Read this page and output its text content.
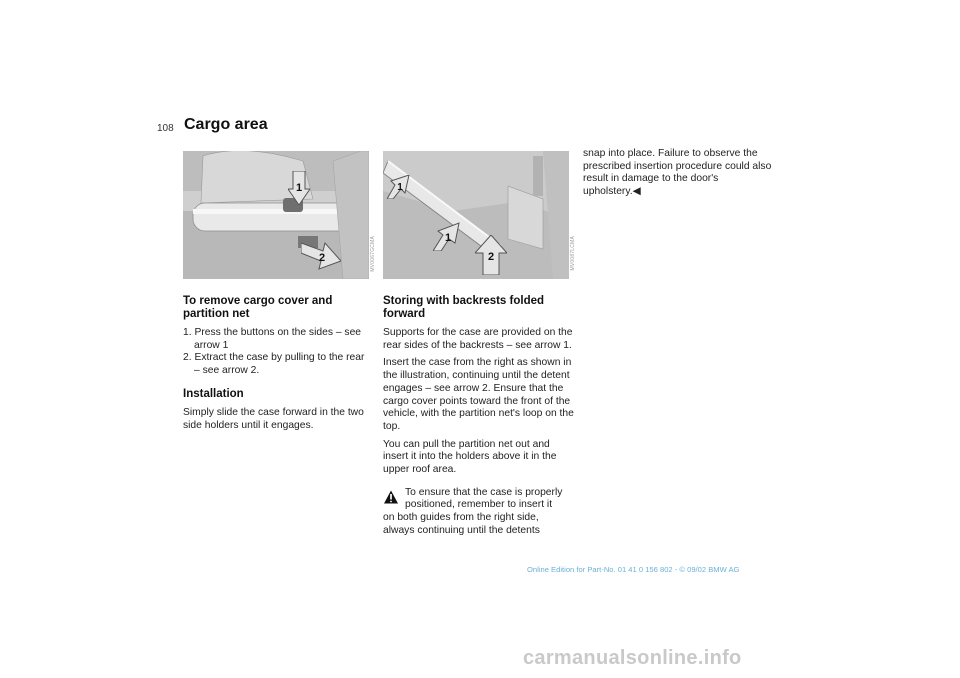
108 Cargo area
1
2	MV0067GCMA
1
1
2	MV0087LCMA
To remove cargo cover and partition net
1. Press the buttons on the sides – see arrow 1
2. Extract the case by pulling to the rear – see arrow 2.
Installation

Simply slide the case forward in the two side holders until it engages.

Storing with backrests folded forward

Supports for the case are provided on the rear sides of the backrests – see arrow 1.

Insert the case from the right as shown in the illustration, continuing until the detent engages – see arrow 2. Ensure that the cargo cover points toward the front of the vehicle, with the partition net's loop on the top.

You can pull the partition net out and insert it into the holders above it in the upper roof area.

To ensure that the case is properly
positioned, remember to insert it
on both guides from the right side,
always continuing until the detents

snap into place. Failure to observe the prescribed insertion procedure could also result in damage to the door's upholstery.◀

Online Edition for Part-No. 01 41 0 156 802 - © 09/02 BMW AG
carmanualsonline.info
